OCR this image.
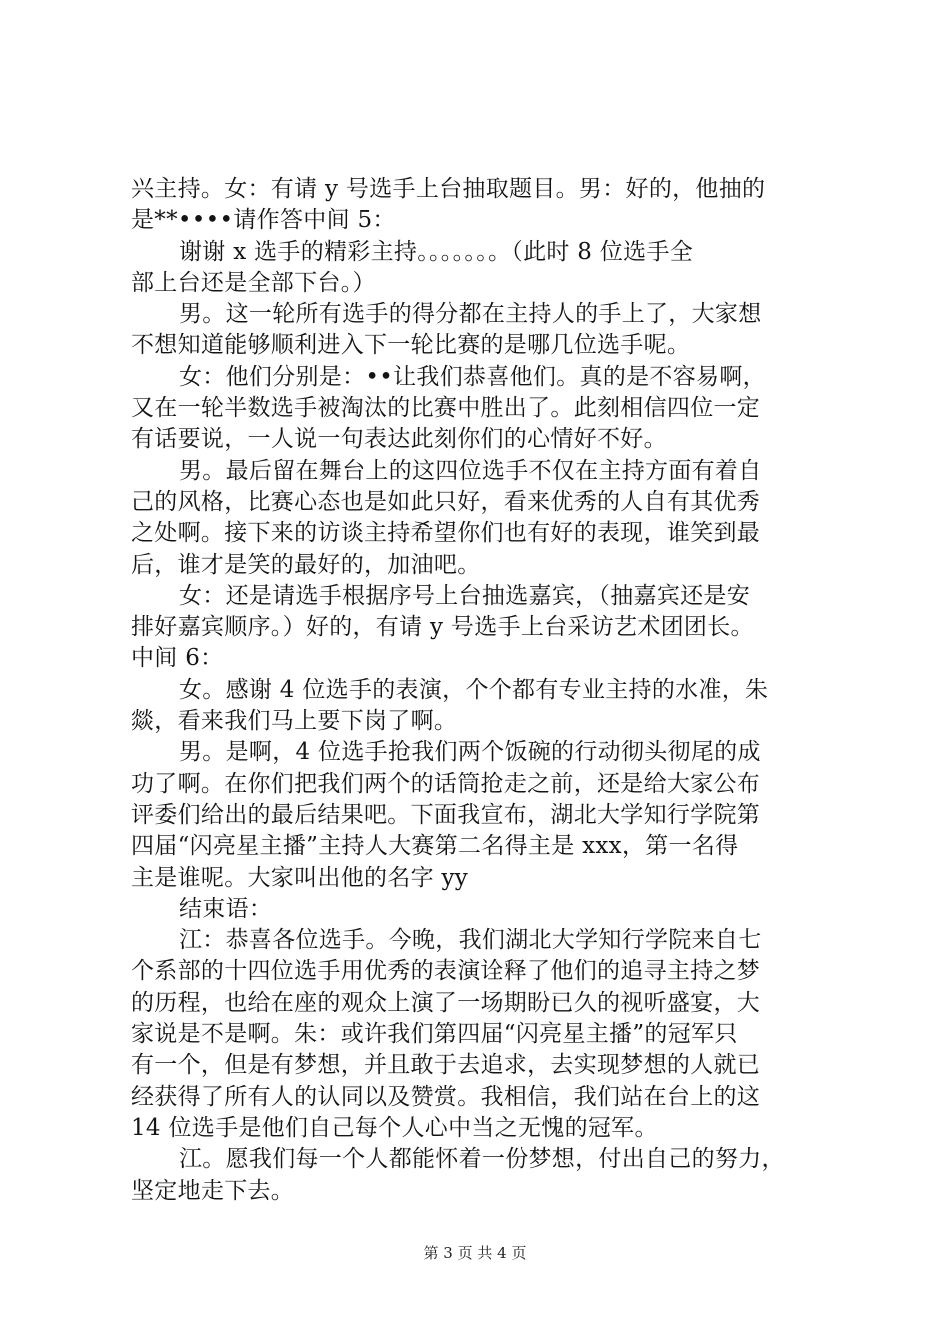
兴主持。女：有请 y 号选手上台抽取题目。男：好的，他抽的
是**••••请作答中间 5：
谢谢 x 选手的精彩主持。。。。。。。（此时 8 位选手全
部上台还是全部下台。）
男。这一轮所有选手的得分都在主持人的手上了，大家想
不想知道能够顺利进入下一轮比赛的是哪几位选手呢。
女：他们分别是：••让我们恭喜他们。真的是不容易啊，
又在一轮半数选手被淘汰的比赛中胜出了。此刻相信四位一定
有话要说，一人说一句表达此刻你们的心情好不好。
男。最后留在舞台上的这四位选手不仅在主持方面有着自
己的风格，比赛心态也是如此只好，看来优秀的人自有其优秀
之处啊。接下来的访谈主持希望你们也有好的表现，谁笑到最
后，谁才是笑的最好的，加油吧。
女：还是请选手根据序号上台抽选嘉宾，（抽嘉宾还是安
排好嘉宾顺序。）好的，有请 y 号选手上台采访艺术团团长。
中间 6：
女。感谢 4 位选手的表演，个个都有专业主持的水准，朱
燚，看来我们马上要下岗了啊。
男。是啊，4 位选手抢我们两个饭碗的行动彻头彻尾的成
功了啊。在你们把我们两个的话筒抢走之前，还是给大家公布
评委们给出的最后结果吧。下面我宣布，湖北大学知行学院第
四届“闪亮星主播”主持人大赛第二名得主是 xxx，第一名得
主是谁呢。大家叫出他的名字 yy
结束语：
江：恭喜各位选手。今晚，我们湖北大学知行学院来自七
个系部的十四位选手用优秀的表演诠释了他们的追寻主持之梦
的历程，也给在座的观众上演了一场期盼已久的视听盛宴，大
家说是不是啊。朱：或许我们第四届“闪亮星主播”的冠军只
有一个，但是有梦想，并且敢于去追求，去实现梦想的人就已
经获得了所有人的认同以及赞赏。我相信，我们站在台上的这
14 位选手是他们自己每个人心中当之无愧的冠军。
江。愿我们每一个人都能怀着一份梦想，付出自己的努力，
坚定地走下去。
第 3 页 共 4 页
